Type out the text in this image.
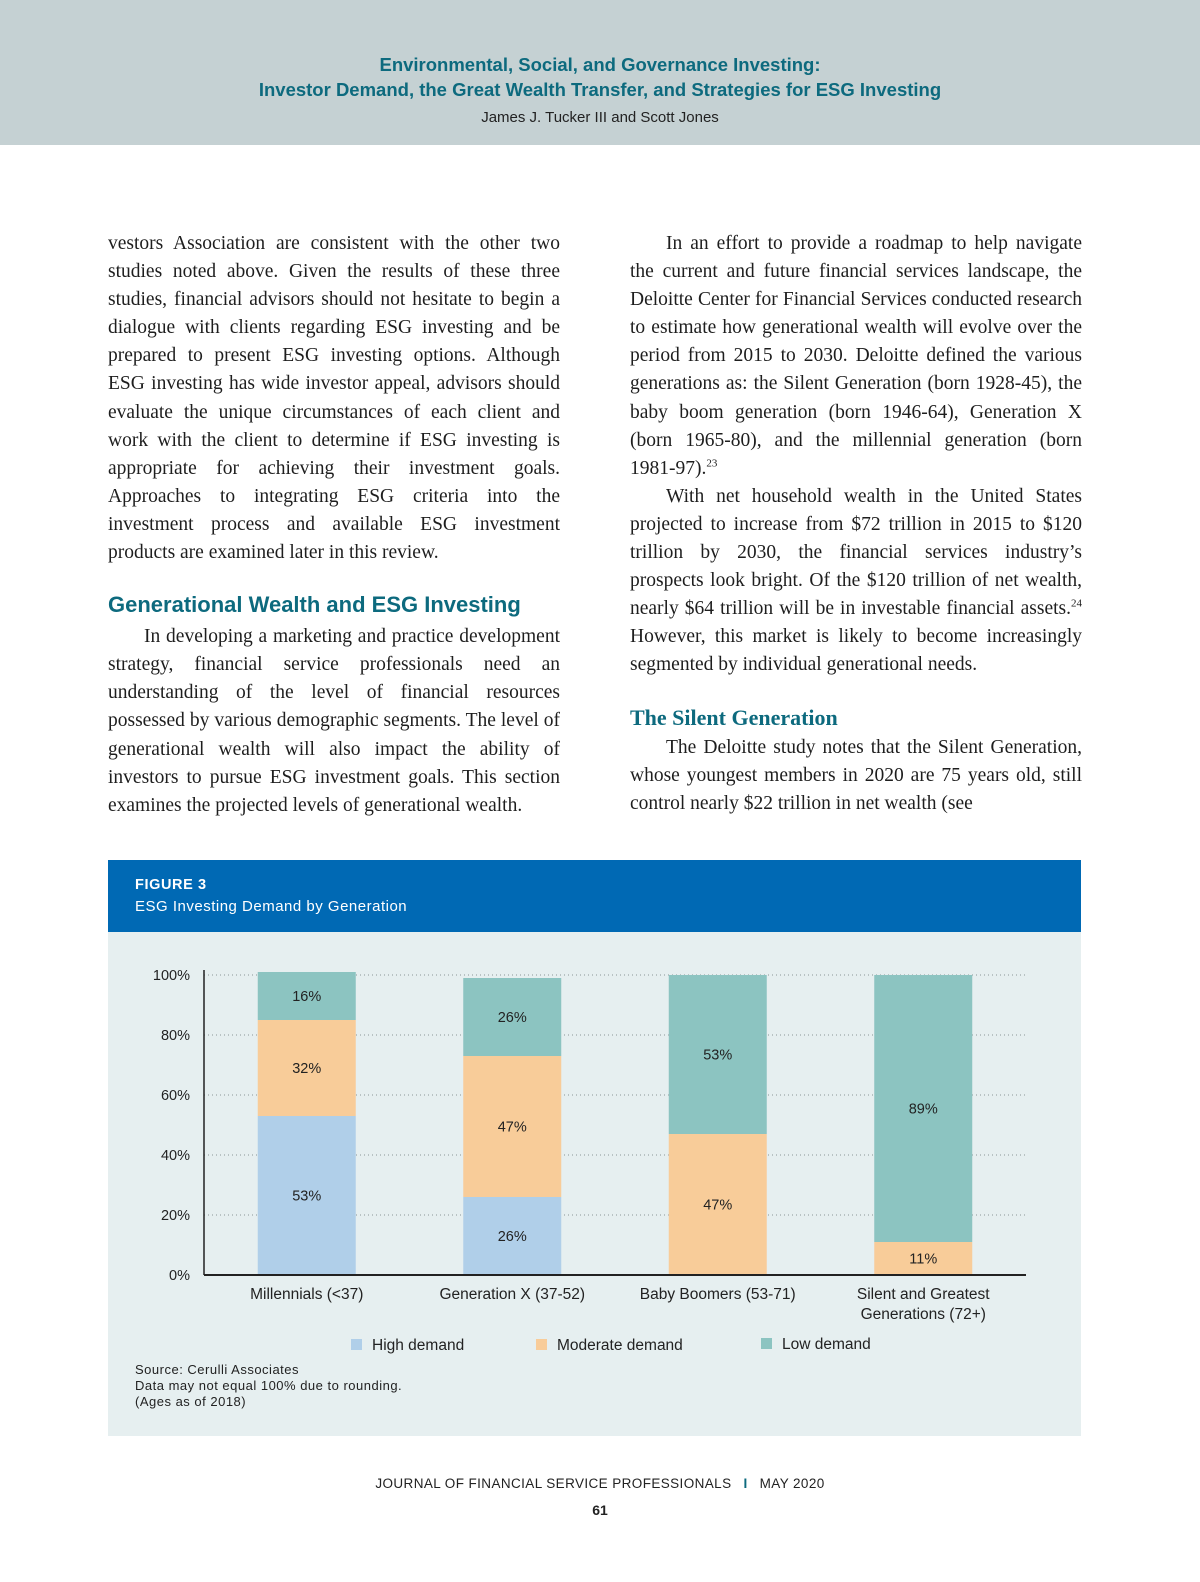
Environmental, Social, and Governance Investing:
Investor Demand, the Great Wealth Transfer, and Strategies for ESG Investing
James J. Tucker III and Scott Jones

vestors Association are consistent with the other two studies noted above. Given the results of these three studies, financial advisors should not hesitate to begin a dialogue with clients regarding ESG investing and be prepared to present ESG investing options. Although ESG investing has wide investor appeal, advisors should evaluate the unique circumstances of each client and work with the client to determine if ESG investing is appropriate for achieving their investment goals. Approaches to integrating ESG criteria into the investment process and available ESG investment products are examined later in this review.

Generational Wealth and ESG Investing

In developing a marketing and practice development strategy, financial service professionals need an understanding of the level of financial resources possessed by various demographic segments. The level of generational wealth will also impact the ability of investors to pursue ESG investment goals. This section examines the projected levels of generational wealth.

In an effort to provide a roadmap to help navigate the current and future financial services landscape, the Deloitte Center for Financial Services conducted research to estimate how generational wealth will evolve over the period from 2015 to 2030. Deloitte defined the various generations as: the Silent Generation (born 1928-45), the baby boom generation (born 1946-64), Generation X (born 1965-80), and the millennial generation (born 1981-97).$^{23}$

With net household wealth in the United States projected to increase from $72 trillion in 2015 to $120 trillion by 2030, the financial services industry’s prospects look bright. Of the $120 trillion of net wealth, nearly $64 trillion will be in investable financial assets.$^{24}$ However, this market is likely to become increasingly segmented by individual generational needs.

The Silent Generation

The Deloitte study notes that the Silent Generation, whose youngest members in 2020 are 75 years old, still control nearly $22 trillion in net wealth (see

FIGURE 3
ESG Investing Demand by Generation
0%
20%
40%
60%
80%
100%
53%
32%
16%
Millennials (<37)
26%
47%
26%
Generation X (37-52)
47%
53%
Baby Boomers (53-71)
11%
89%
Silent and Greatest
Generations (72+)
High demand	Moderate demand	Low demand
Source: Cerulli Associates
Data may not equal 100% due to rounding.
(Ages as of 2018)
JOURNAL OF FINANCIAL SERVICE PROFESSIONALS I MAY 2020
61
